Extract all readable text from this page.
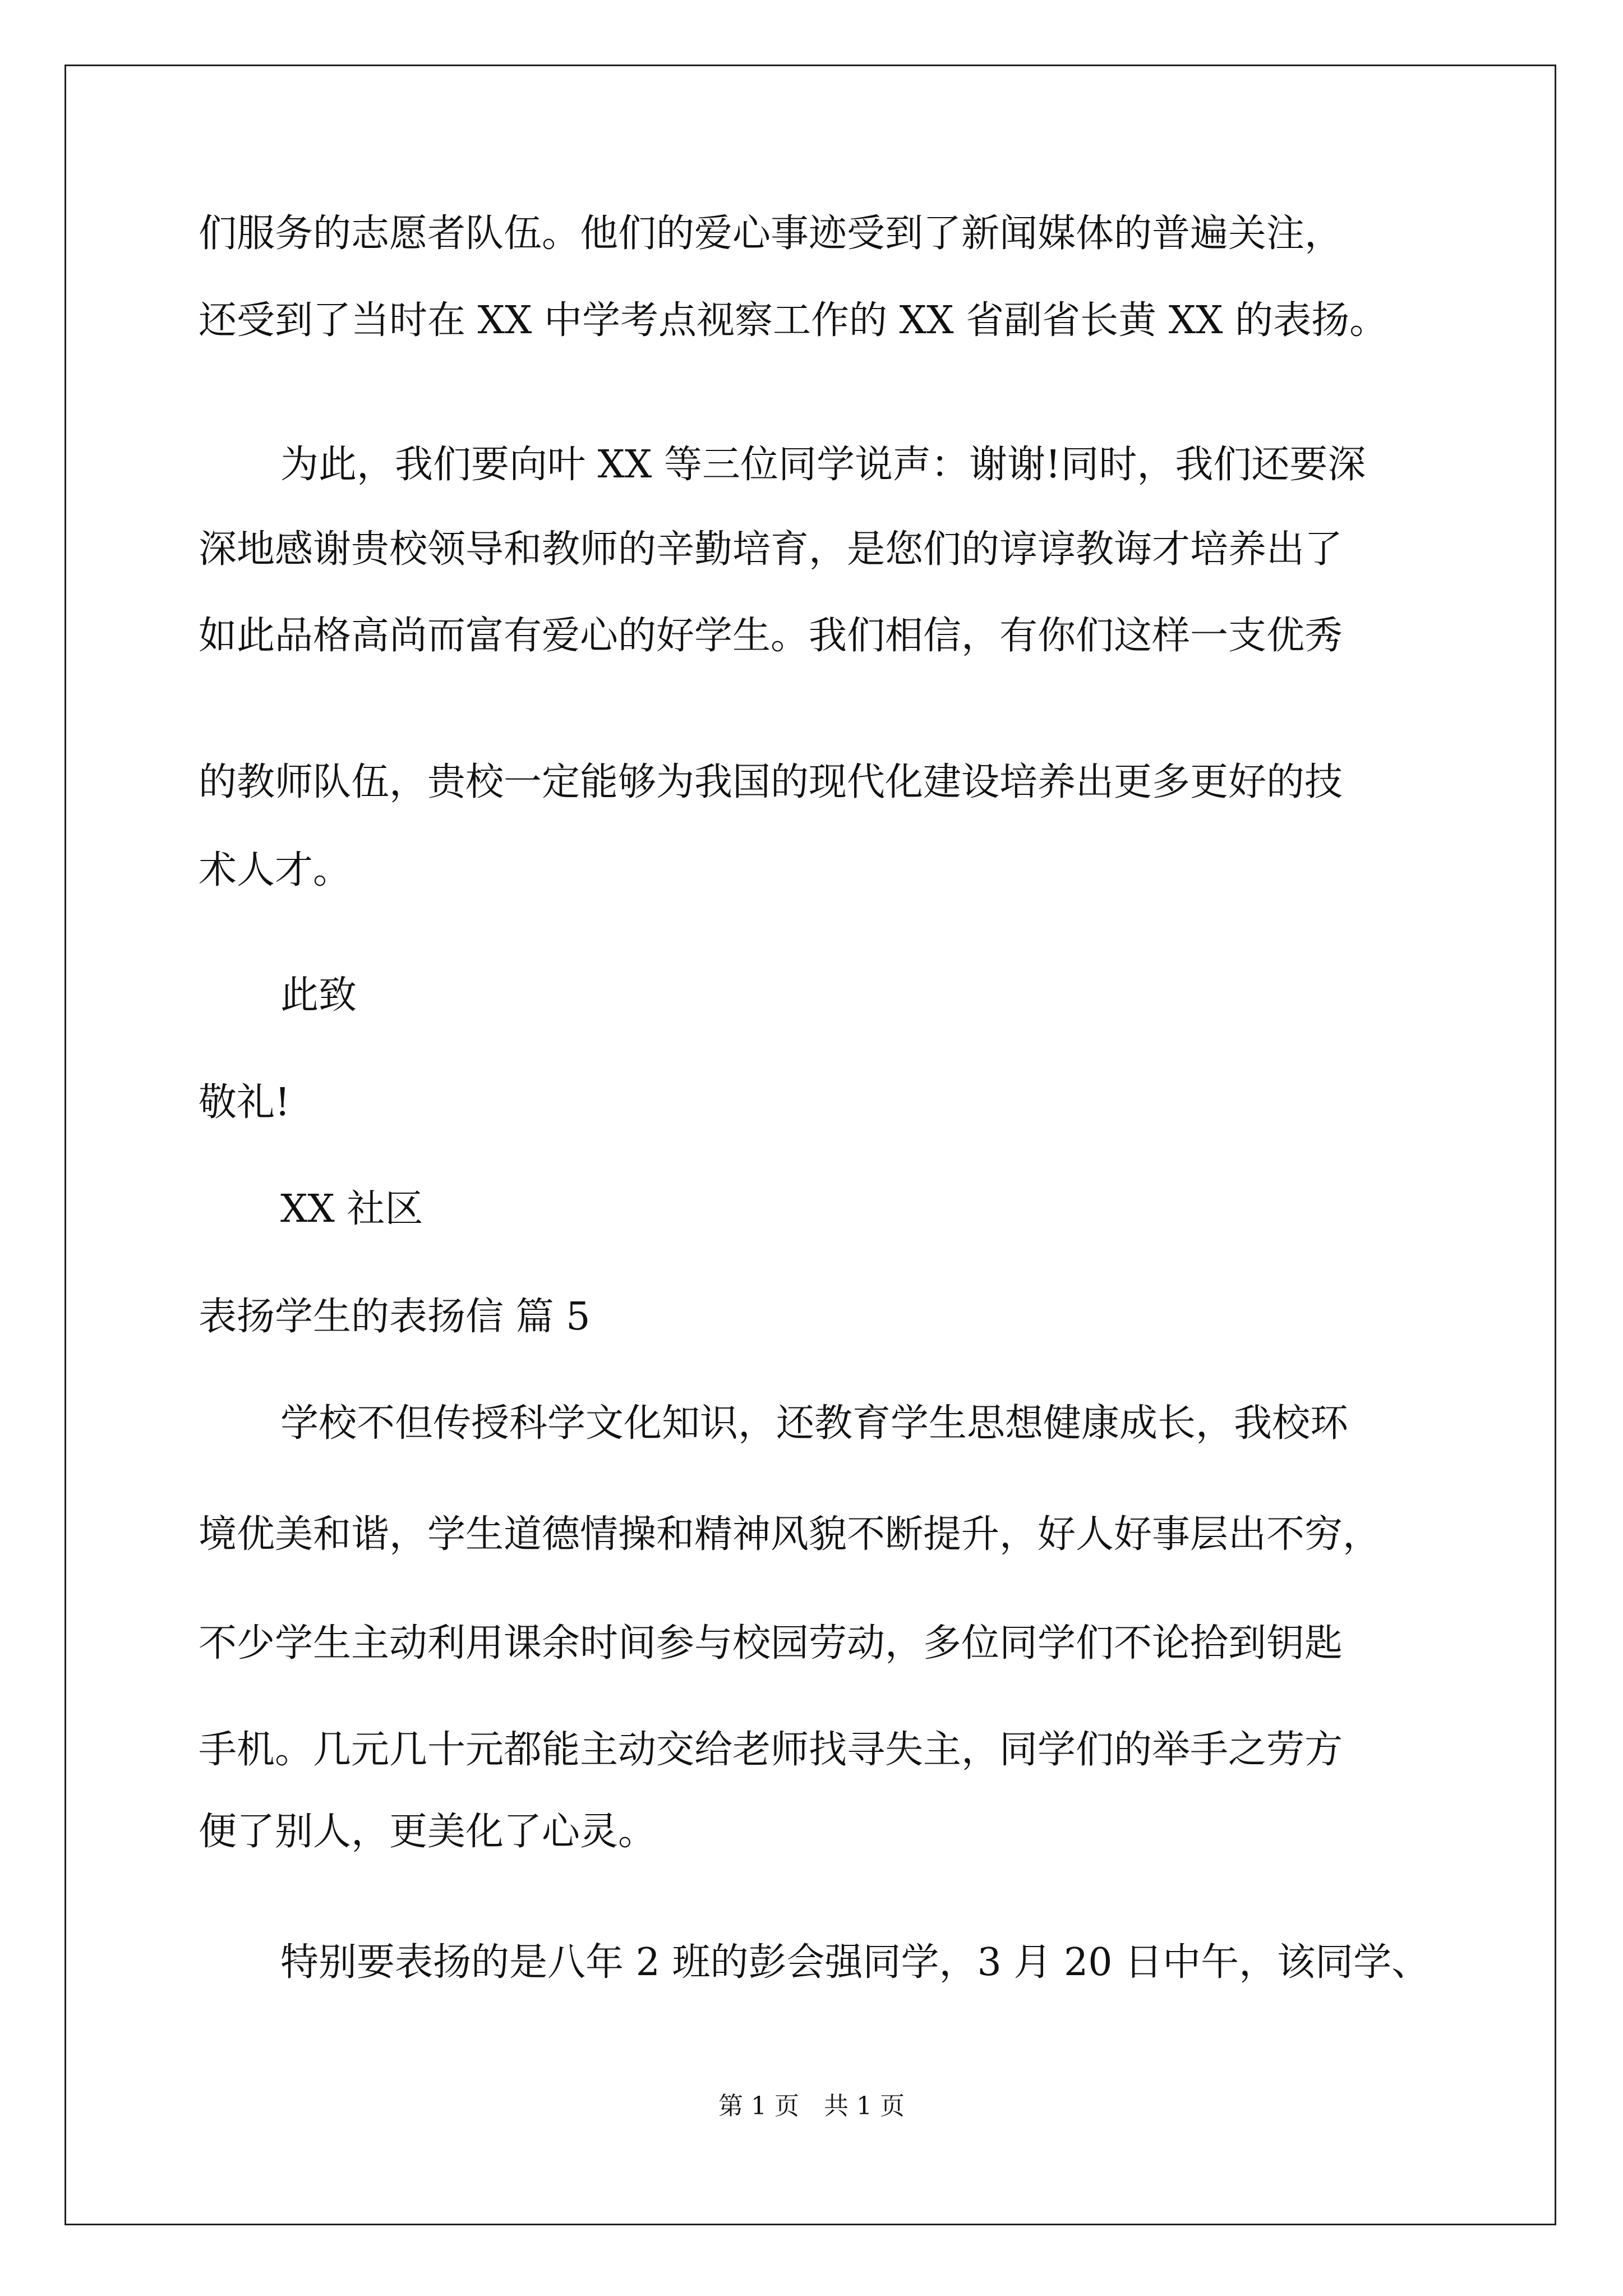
们服务的志愿者队伍。他们的爱心事迹受到了新闻媒体的普遍关注，
还受到了当时在 XX 中学考点视察工作的 XX 省副省长黄 XX 的表扬。
为此，我们要向叶 XX 等三位同学说声：谢谢!同时，我们还要深
深地感谢贵校领导和教师的辛勤培育，是您们的谆谆教诲才培养出了
如此品格高尚而富有爱心的好学生。我们相信，有你们这样一支优秀
的教师队伍，贵校一定能够为我国的现代化建设培养出更多更好的技
术人才。
此致
敬礼!
XX 社区
表扬学生的表扬信 篇 5
学校不但传授科学文化知识，还教育学生思想健康成长，我校环
境优美和谐，学生道德情操和精神风貌不断提升，好人好事层出不穷，
不少学生主动利用课余时间参与校园劳动，多位同学们不论拾到钥匙
手机。几元几十元都能主动交给老师找寻失主，同学们的举手之劳方
便了别人，更美化了心灵。
特别要表扬的是八年 2 班的彭会强同学，3 月 20 日中午，该同学、
第 1 页　共 1 页
